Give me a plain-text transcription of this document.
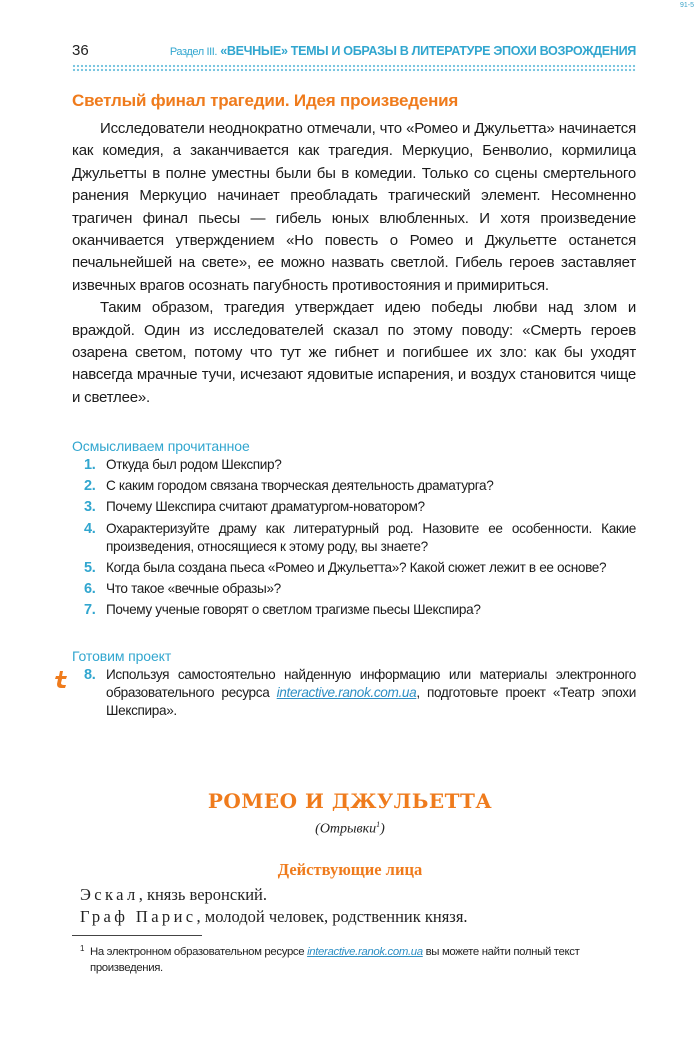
91-5
36	Раздел III. «ВЕЧНЫЕ» ТЕМЫ И ОБРАЗЫ В ЛИТЕРАТУРЕ ЭПОХИ ВОЗРОЖДЕНИЯ
Светлый финал трагедии. Идея произведения

Исследователи неоднократно отмечали, что «Ромео и Джульетта» начинается как комедия, а заканчивается как трагедия. Меркуцио, Бенволио, кормилица Джульетты в полне уместны были бы в комедии. Только со сцены смертельного ранения Меркуцио начинает преобладать трагический элемент. Несомненно трагичен финал пьесы — гибель юных влюбленных. И хотя произведение оканчивается утверждением «Но повесть о Ромео и Джульетте останется печальнейшей на свете», ее можно назвать светлой. Гибель героев заставляет извечных врагов осознать пагубность противостояния и примириться.

Таким образом, трагедия утверждает идею победы любви над злом и враждой. Один из исследователей сказал по этому поводу: «Смерть героев озарена светом, потому что тут же гибнет и погибшее их зло: как бы уходят навсегда мрачные тучи, исчезают ядовитые испарения, и воздух становится чище и светлее».

Осмысливаем прочитанное
1. Откуда был родом Шекспир?
2. С каким городом связана творческая деятельность драматурга?
3. Почему Шекспира считают драматургом-новатором?
4. Охарактеризуйте драму как литературный род. Назовите ее особенности. Какие произведения, относящиеся к этому роду, вы знаете?
5. Когда была создана пьеса «Ромео и Джульетта»? Какой сюжет лежит в ее основе?
6. Что такое «вечные образы»?
7. Почему ученые говорят о светлом трагизме пьесы Шекспира?
Готовим проект
8. Используя самостоятельно найденную информацию или материалы электронного образовательного ресурса interactive.ranok.com.ua, подготовьте проект «Театр эпохи Шекспира».
РОМЕО И ДЖУЛЬЕТТА
(Отрывки$^1$)
Действующие лица

Эскал, князь веронский.

Граф Парис, молодой человек, родственник князя.

1 На электронном образовательном ресурсе interactive.ranok.com.ua вы можете найти полный текст произведения.
